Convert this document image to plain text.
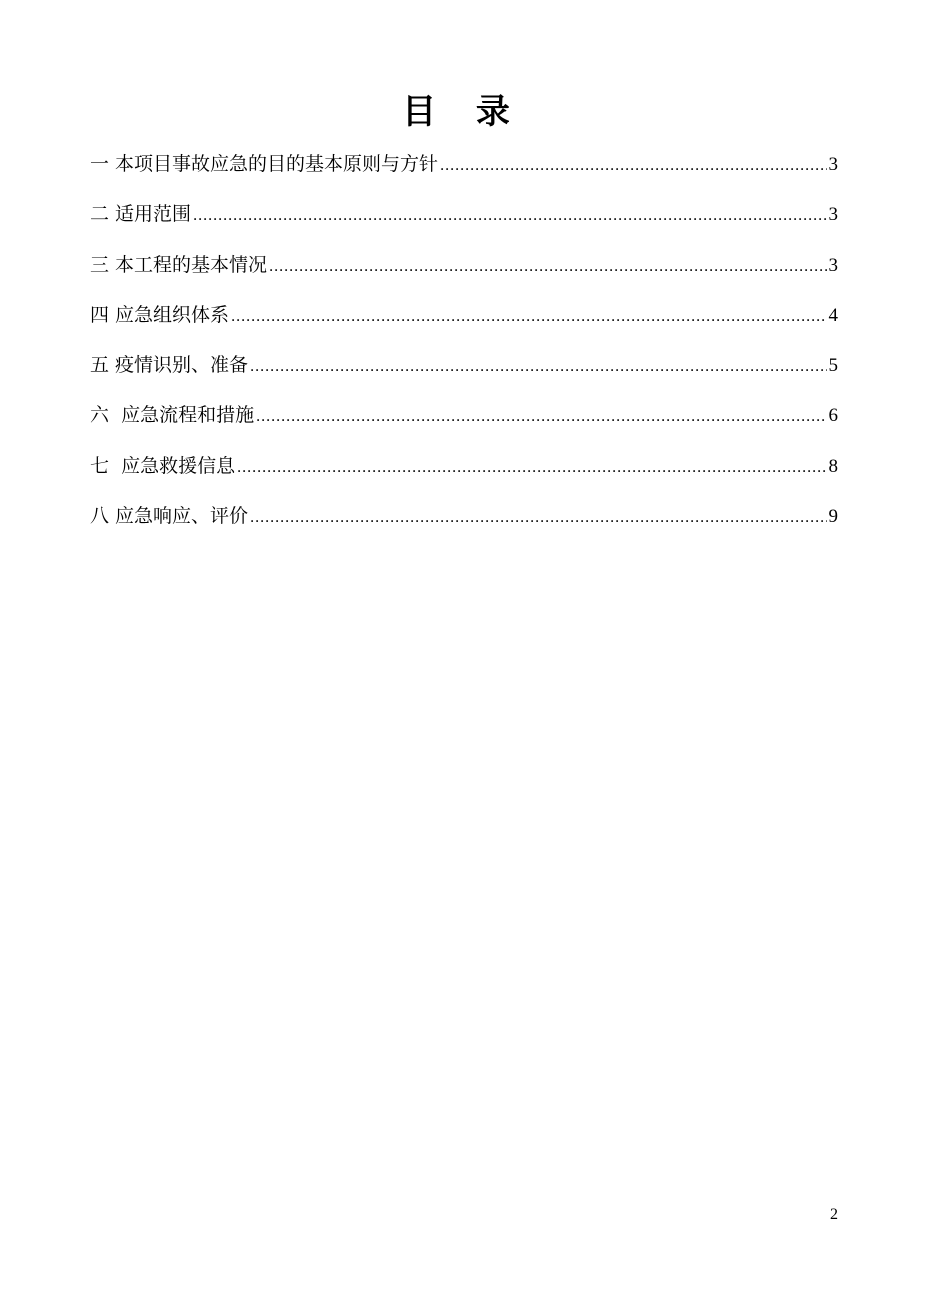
目 录
一 本项目事故应急的目的基本原则与方针 .....	3
二 适用范围 .....	3
三 本工程的基本情况 .....	3
四 应急组织体系 .....	4
五 疫情识别、准备 .....	5
六 应急流程和措施 .....	6
七 应急救援信息 .....	8
八 应急响应、评价 .....	9
2
